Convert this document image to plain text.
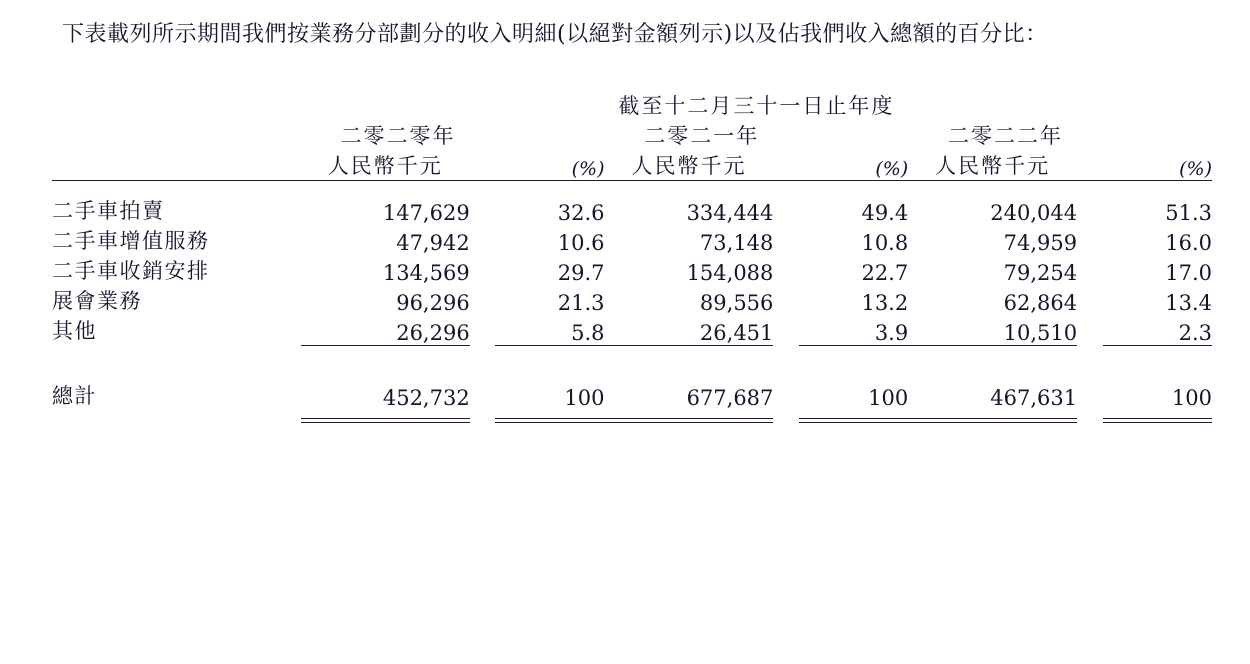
下表載列所示期間我們按業務分部劃分的收入明細(以絕對金額列示)以及佔我們收入總額的百分比：

	截至十二月三十一日止年度								
	二零二零年			二零二一年			二零二二年		
	人民幣千元		(%)	人民幣千元		(%)	人民幣千元		(%)

二手車拍賣	147,629		32.6	334,444		49.4	240,044		51.3
二手車增值服務	47,942		10.6	73,148		10.8	74,959		16.0
二手車收銷安排	134,569		29.7	154,088		22.7	79,254		17.0
展會業務	96,296		21.3	89,556		13.2	62,864		13.4
其他	26,296		5.8	26,451		3.9	10,510		2.3

總計	452,732		100	677,687		100	467,631		100
